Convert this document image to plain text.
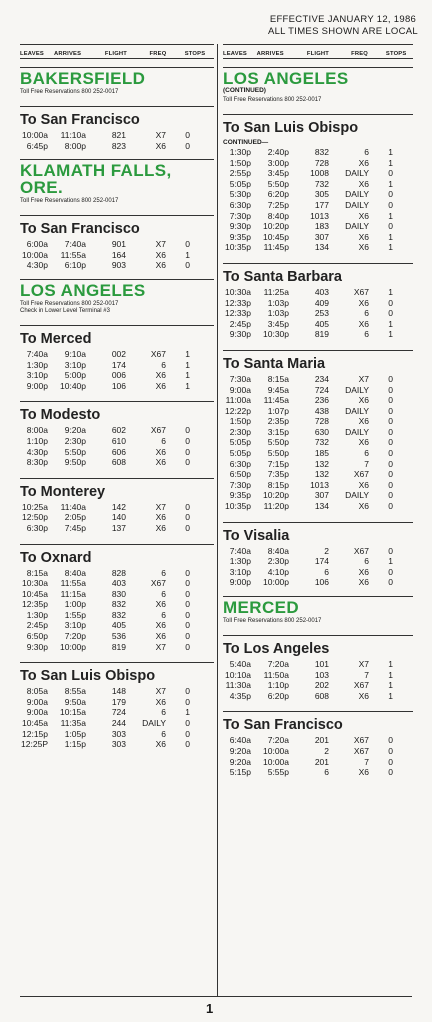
EFFECTIVE JANUARY 12, 1986
ALL TIMES SHOWN ARE LOCAL
LEAVES	ARRIVES	FLIGHT	FREQ	STOPS
BAKERSFIELD
Toll Free Reservations 800 252-0017
To San Francisco
10:00a	11:10a	821	X7	0
6:45p	8:00p	823	X6	0
KLAMATH FALLS,
ORE.
Toll Free Reservations 800 252-0017
To San Francisco
6:00a	7:40a	901	X7	0
10:00a	11:55a	164	X6	1
4:30p	6:10p	903	X6	0
LOS ANGELES
Toll Free Reservations 800 252-0017
Check in Lower Level Terminal #3
To Merced
7:40a	9:10a	002	X67	1
1:30p	3:10p	174	6	1
3:10p	5:00p	006	X6	1
9:00p	10:40p	106	X6	1
To Modesto
8:00a	9:20a	602	X67	0
1:10p	2:30p	610	6	0
4:30p	5:50p	606	X6	0
8:30p	9:50p	608	X6	0
To Monterey
10:25a	11:40a	142	X7	0
12:50p	2:05p	140	X6	0
6:30p	7:45p	137	X6	0
To Oxnard
8:15a	8:40a	828	6	0
10:30a	11:55a	403	X67	0
10:45a	11:15a	830	6	0
12:35p	1:00p	832	X6	0
1:30p	1:55p	832	6	0
2:45p	3:10p	405	X6	0
6:50p	7:20p	536	X6	0
9:30p	10:00p	819	X7	0
To San Luis Obispo
8:05a	8:55a	148	X7	0
9:00a	9:50a	179	X6	0
9:00a	10:15a	724	6	1
10:45a	11:35a	244	DAILY	0
12:15p	1:05p	303	6	0
12:25P	1:15p	303	X6	0
LEAVES	ARRIVES	FLIGHT	FREQ	STOPS
LOS ANGELES
(CONTINUED)
Toll Free Reservations 800 252-0017
To San Luis Obispo
CONTINUED—
1:30p	2:40p	832	6	1
1:50p	3:00p	728	X6	1
2:55p	3:45p	1008	DAILY	0
5:05p	5:50p	732	X6	1
5:30p	6:20p	305	DAILY	0
6:30p	7:25p	177	DAILY	0
7:30p	8:40p	1013	X6	1
9:30p	10:20p	183	DAILY	0
9:35p	10:45p	307	X6	1
10:35p	11:45p	134	X6	1
To Santa Barbara
10:30a	11:25a	403	X67	1
12:33p	1:03p	409	X6	0
12:33p	1:03p	253	6	0
2:45p	3:45p	405	X6	1
9:30p	10:30p	819	6	1
To Santa Maria
7:30a	8:15a	234	X7	0
9:00a	9:45a	724	DAILY	0
11:00a	11:45a	236	X6	0
12:22p	1:07p	438	DAILY	0
1:50p	2:35p	728	X6	0
2:30p	3:15p	630	DAILY	0
5:05p	5:50p	732	X6	0
5:05p	5:50p	185	6	0
6:30p	7:15p	132	7	0
6:50p	7:35p	132	X67	0
7:30p	8:15p	1013	X6	0
9:35p	10:20p	307	DAILY	0
10:35p	11:20p	134	X6	0
To Visalia
7:40a	8:40a	2	X67	0
1:30p	2:30p	174	6	1
3:10p	4:10p	6	X6	0
9:00p	10:00p	106	X6	0
MERCED
Toll Free Reservations 800 252-0017
To Los Angeles
5:40a	7:20a	101	X7	1
10:10a	11:50a	103	7	1
11:30a	1:10p	202	X67	1
4:35p	6:20p	608	X6	1
To San Francisco
6:40a	7:20a	201	X67	0
9:20a	10:00a	2	X67	0
9:20a	10:00a	201	7	0
5:15p	5:55p	6	X6	0
1
